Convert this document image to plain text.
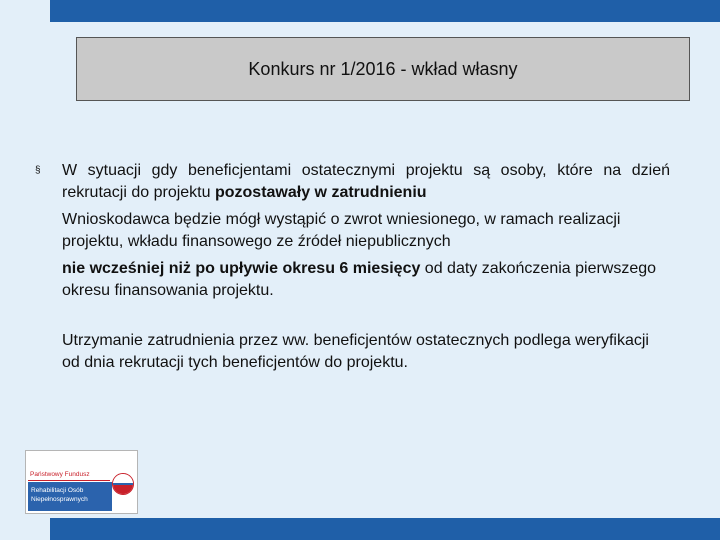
Konkurs nr 1/2016 - wkład własny
§	W sytuacji gdy beneficjentami ostatecznymi projektu są osoby, które na dzień rekrutacji do projektu pozostawały w zatrudnieniu
Wnioskodawca będzie mógł wystąpić o zwrot wniesionego, w ramach realizacji projektu, wkładu finansowego ze źródeł niepublicznych
nie wcześniej niż po upływie okresu 6 miesięcy od daty zakończenia pierwszego okresu finansowania projektu.
Utrzymanie zatrudnienia przez ww. beneficjentów ostatecznych podlega weryfikacji od dnia rekrutacji tych beneficjentów do projektu.
Państwowy Fundusz
Rehabilitacji Osób
Niepełnosprawnych
